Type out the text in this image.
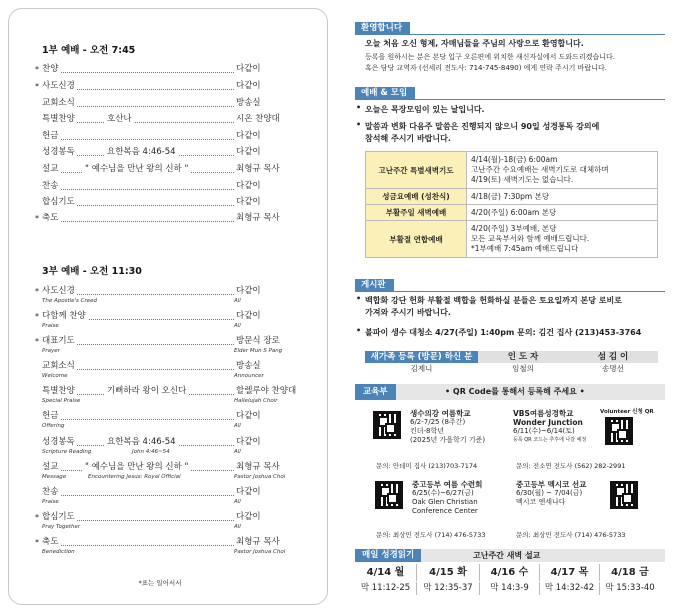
1부 예배 - 오전 7:45
* 찬양	다같이
* 사도신경	다같이
교회소식	방송실
특별찬양	호산나	시온 찬양대
헌금	다같이
성경봉독	요한복음 4:46-54	다같이
설교	" 예수님을 만난 왕의 신하 "	최형규 목사
찬송	다같이
합심기도	다같이
* 축도	최형규 목사
3부 예배 - 오전 11:30
* 사도신경	다같이
The Apostle's Creed	All
* 다함께 찬양	다같이
Praise	All
* 대표기도	방문식 장로
Prayer	Elder Mun S Pang
교회소식	방송실
Welcome	Announcer
특별찬양	기뻐하라 왕이 오신다	할렐루야 찬양대
Special Praise	Hallelujah Choir
헌금	다같이
Offering	All
성경봉독	요한복음 4:46-54	다같이
Scripture Reading	John 4:46~54	All
설교	" 예수님을 만난 왕의 신하 "	최형규 목사
Message	Encountering Jesus: Royal Official	Pastor Joshua Choi
찬송	다같이
Praise	All
* 합심기도	다같이
Pray Together	All
* 축도	최형규 목사
Benediction	Pastor Joshua Choi
환영합니다
오늘 처음 오신 형제, 자매님들을 주님의 사랑으로 환영합니다.
등록을 원하시는 분은 본당 입구 오른편에 위치한 새신자실에서 도와드리겠습니다.
혹은 담당 교역자 (선세리 전도사: 714-745-8490) 에게 연락 주시기 바랍니다.
예배 & 모임
• 오늘은 목장모임이 있는 날입니다.
• 말씀과 변화 다음주 말씀은 진행되지 않으니 90일 성경통독 강의에
참석해 주시기 바랍니다.
고난주간 특별새벽기도	4/14(월)-18(금) 6:00am
고난주간 수요예배는 새벽기도로 대체하며
4/19(토) 새벽기도는 없습니다.

성금요예배 (성찬식)	4/18(금) 7:30pm 본당

부활주일 새벽예배	4/20(주일) 6:00am 본당

부활절 연합예배	4/20(주일) 3부예배, 본당
모든 교육부서와 함께 예배드립니다.
*1부예배 7:45am 예배드립니다
게시판
• 백합화 강단 헌화 부활절 백합을 헌화하실 분들은 토요일까지 본당 로비로
가져와 주시기 바랍니다.
• 볼파이 생수 대청소 4/27(주일) 1:40pm 문의: 김건 집사 (213)453-3764
새가족 등록 (방문) 하신 분	인 도 자	섬 김 이
김제니	임철의	송명선
교육부	• QR Code를 통해서 등록해 주세요 •
생수의강 여름학교
6/2-7/25 (8주간)
킨더-8학년
(2025년 가을학기 기준)
문의: 안데미 집사 (213)703-7174
VBS여름성경학교
Wonder Junction
6/11(수)~6/14(토)
등록 QR 코드는 추후에 나갈 예정
Volunteer 신청 QR
문의: 전소연 전도사 (562) 282-2991
중고등부 여름 수련회
6/25(수)~6/27(금)
Oak Glen Christian
Conference Center
문의: 최상민 전도사 (714) 476-5733
중고등부 멕시코 선교
6/30(월) ~ 7/04(금)
멕시코 엔세나다
문의: 최상민 전도사 (714) 476-5733
매일 성경읽기	고난주간 새벽 설교
4/14 월	4/15 화	4/16 수	4/17 목	4/18 금
막 11:12-25	막 12:35-37	막 14:3-9	막 14:32-42	막 15:33-40
*표는 일어서서
